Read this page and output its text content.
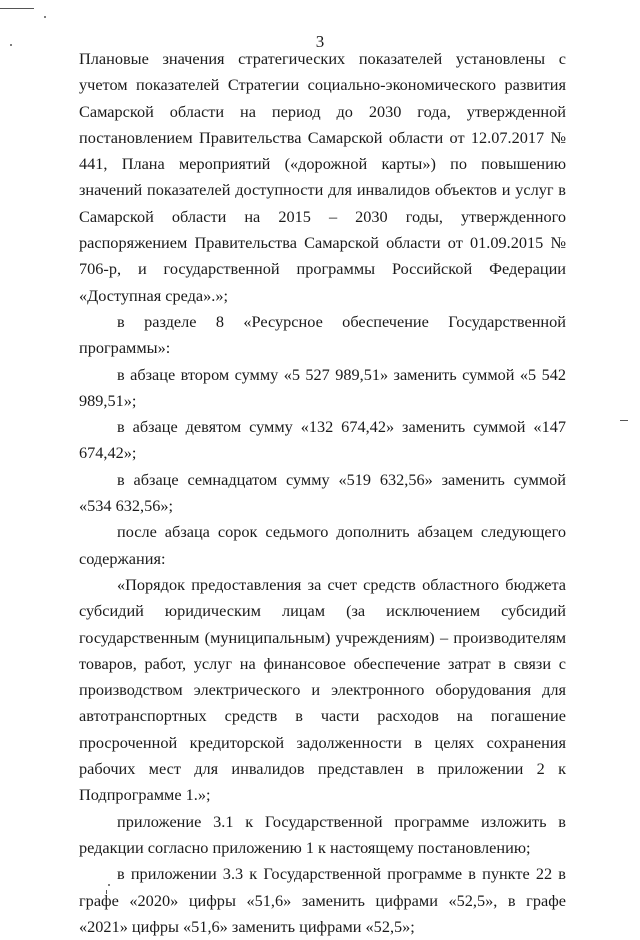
3

Плановые значения стратегических показателей установлены с учетом показателей Стратегии социально-экономического развития Самарской области на период до 2030 года, утвержденной постановлением Правительства Самарской области от 12.07.2017 № 441, Плана мероприятий («дорожной карты») по повышению значений показателей доступности для инвалидов объектов и услуг в Самарской области на 2015 – 2030 годы, утвержденного распоряжением Правительства Самарской области от 01.09.2015 № 706-р, и государственной программы Российской Федерации «Доступная среда».»;

в разделе 8 «Ресурсное обеспечение Государственной программы»:

в абзаце втором сумму «5 527 989,51» заменить суммой «5 542 989,51»;

в абзаце девятом сумму «132 674,42» заменить суммой «147 674,42»;

в абзаце семнадцатом сумму «519 632,56» заменить суммой «534 632,56»;

после абзаца сорок седьмого дополнить абзацем следующего содержания:

«Порядок предоставления за счет средств областного бюджета субсидий юридическим лицам (за исключением субсидий государственным (муниципальным) учреждениям) – производителям товаров, работ, услуг на финансовое обеспечение затрат в связи с производством электрического и электронного оборудования для автотранспортных средств в части расходов на погашение просроченной кредиторской задолженности в целях сохранения рабочих мест для инвалидов представлен в приложении 2 к Подпрограмме 1.»;

приложение 3.1 к Государственной программе изложить в редакции согласно приложению 1 к настоящему постановлению;

в приложении 3.3 к Государственной программе в пункте 22 в графе «2020» цифры «51,6» заменить цифрами «52,5», в графе «2021» цифры «51,6» заменить цифрами «52,5»;
